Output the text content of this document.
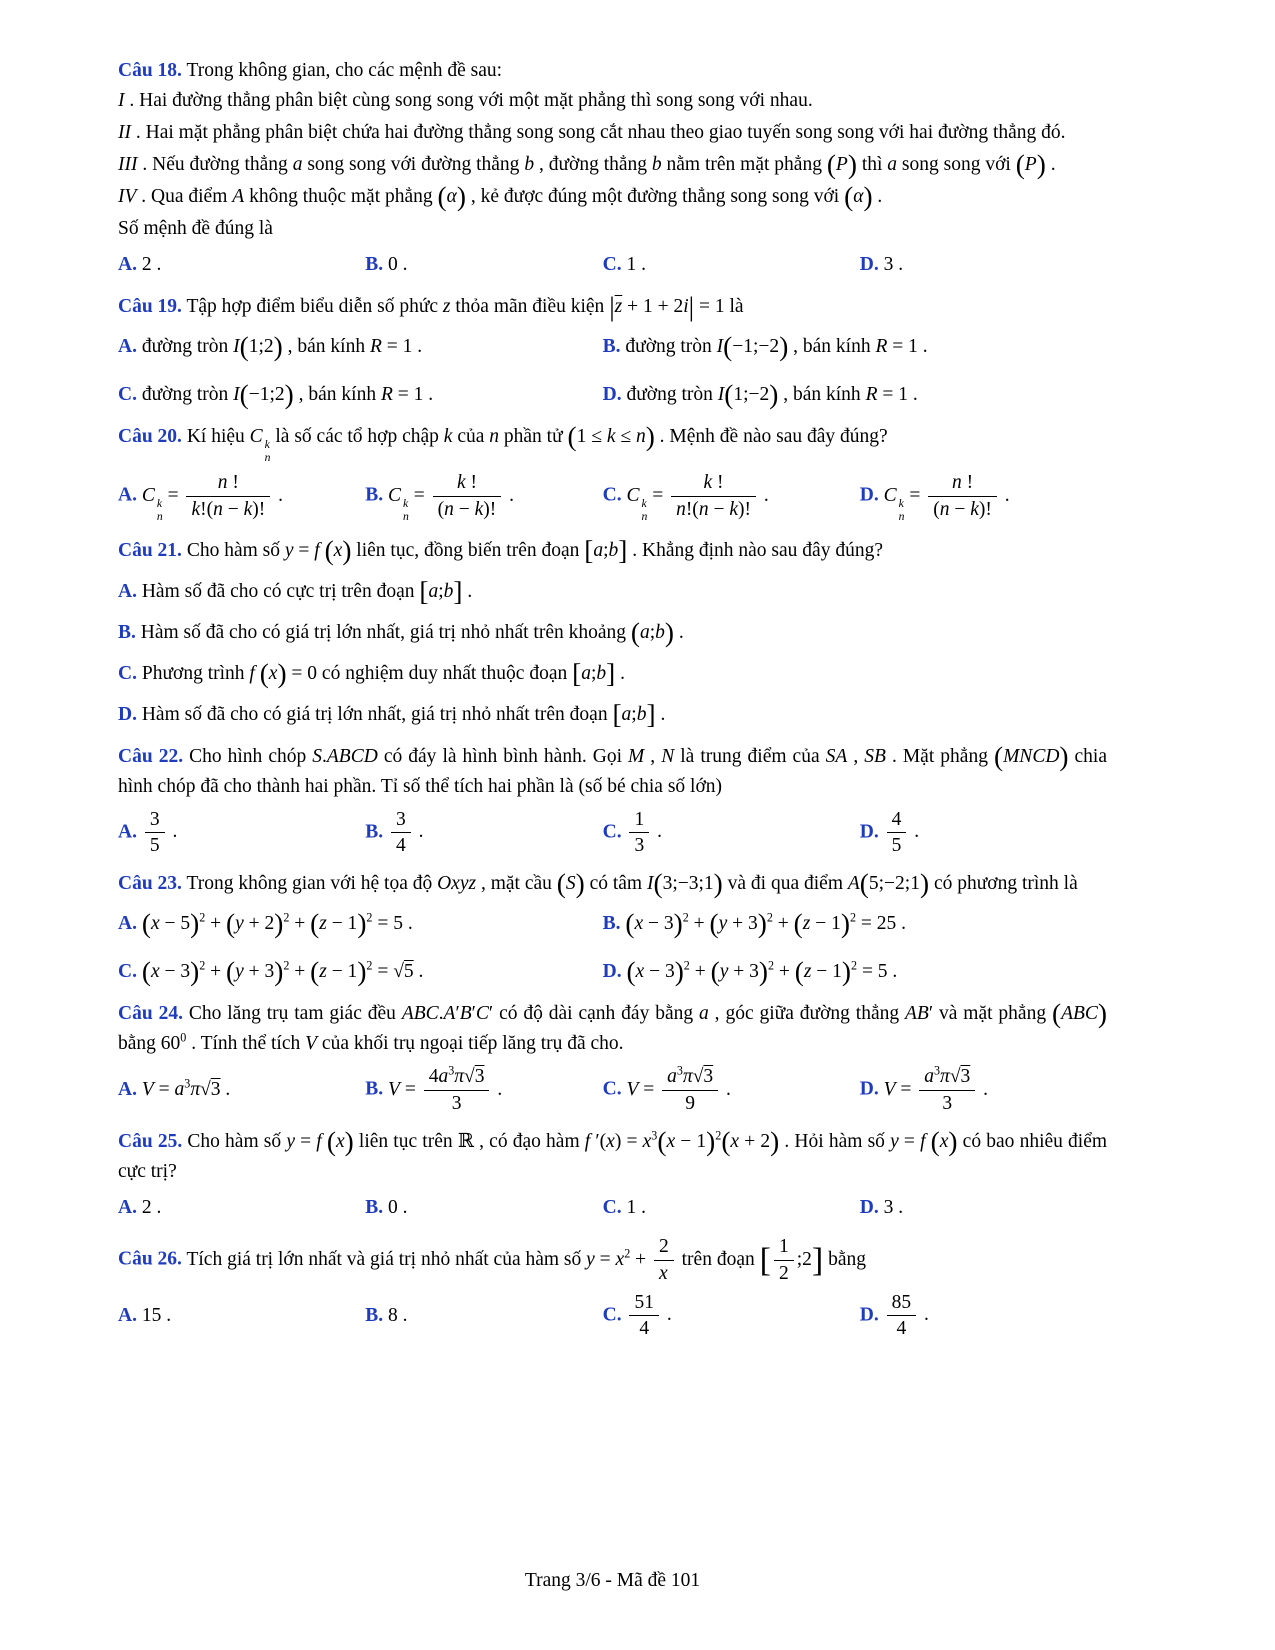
Câu 18. Trong không gian, cho các mệnh đề sau:

I . Hai đường thẳng phân biệt cùng song song với một mặt phẳng thì song song với nhau.

II . Hai mặt phẳng phân biệt chứa hai đường thẳng song song cắt nhau theo giao tuyến song song với hai đường thẳng đó.

III . Nếu đường thẳng a song song với đường thẳng b , đường thẳng b nằm trên mặt phẳng (P) thì a song song với (P) .

IV . Qua điểm A không thuộc mặt phẳng (α) , kẻ được đúng một đường thẳng song song với (α) .

Số mệnh đề đúng là

A. 2 .	B. 0 .	C. 1 .	D. 3 .

Câu 19. Tập hợp điểm biểu diễn số phức z thỏa mãn điều kiện $|\overline{z} + 1 + 2i| = 1$ là

A. đường tròn I(1;2) , bán kính R = 1 .	B. đường tròn I(−1;−2) , bán kính R = 1 .
C. đường tròn I(−1;2) , bán kính R = 1 .	D. đường tròn I(1;−2) , bán kính R = 1 .

Câu 20. Kí hiệu C k
n
là số các tổ hợp chập k của n phần tử (1 ≤ k ≤ n) . Mệnh đề nào sau đây đúng?

A. C k
n
= $\frac{n !}{k!(n - k)!}$ .	B. C k
n
= $\frac{k !}{(n - k)!}$ .	C. C k
n
= $\frac{k !}{n!(n - k)!}$ .	D. C k
n
= $\frac{n !}{(n - k)!}$ .

Câu 21. Cho hàm số y = f (x) liên tục, đồng biến trên đoạn [a;b] . Khẳng định nào sau đây đúng?

A. Hàm số đã cho có cực trị trên đoạn [a;b] .
B. Hàm số đã cho có giá trị lớn nhất, giá trị nhỏ nhất trên khoảng (a;b) .
C. Phương trình f (x) = 0 có nghiệm duy nhất thuộc đoạn [a;b] .
D. Hàm số đã cho có giá trị lớn nhất, giá trị nhỏ nhất trên đoạn [a;b] .

Câu 22. Cho hình chóp S.ABCD có đáy là hình bình hành. Gọi M , N là trung điểm của SA , SB . Mặt phẳng (MNCD) chia hình chóp đã cho thành hai phần. Tỉ số thể tích hai phần là (số bé chia số lớn)

A. $\frac{3}{5}$ .	B. $\frac{3}{4}$ .	C. $\frac{1}{3}$ .	D. $\frac{4}{5}$ .

Câu 23. Trong không gian với hệ tọa độ Oxyz , mặt cầu (S) có tâm I(3;−3;1) và đi qua điểm A(5;−2;1) có phương trình là

A. $(x - 5)^2 + (y + 2)^2 + (z - 1)^2 = 5$ .	B. $(x - 3)^2 + (y + 3)^2 + (z - 1)^2 = 25$ .
C. $(x - 3)^2 + (y + 3)^2 + (z - 1)^2 = √5$ .	D. $(x - 3)^2 + (y + 3)^2 + (z - 1)^2 = 5$ .

Câu 24. Cho lăng trụ tam giác đều ABC.A′B′C′ có độ dài cạnh đáy bằng a , góc giữa đường thẳng AB′ và mặt phẳng (ABC) bằng $60^0$ . Tính thể tích V của khối trụ ngoại tiếp lăng trụ đã cho.

A. $V = a^3\pi√3$ .	B. $V = \frac{4a^3\pi√3}{3}$ .	C. $V = \frac{a^3\pi√3}{9}$ .	D. $V = \frac{a^3\pi√3}{3}$ .

Câu 25. Cho hàm số y = f (x) liên tục trên ℝ , có đạo hàm f $'(x) = x^3(x - 1)^2(x + 2)$ . Hỏi hàm số y = f (x) có bao nhiêu điểm cực trị?

A. 2 .	B. 0 .	C. 1 .	D. 3 .

Câu 26. Tích giá trị lớn nhất và giá trị nhỏ nhất của hàm số $y = x^2 + \frac{2}{x}$ trên đoạn [ $\frac{1}{2}$ ;2] bằng

A. 15 .	B. 8 .	C. $\frac{51}{4}$ .	D. $\frac{85}{4}$ .
Trang 3/6 - Mã đề 101
